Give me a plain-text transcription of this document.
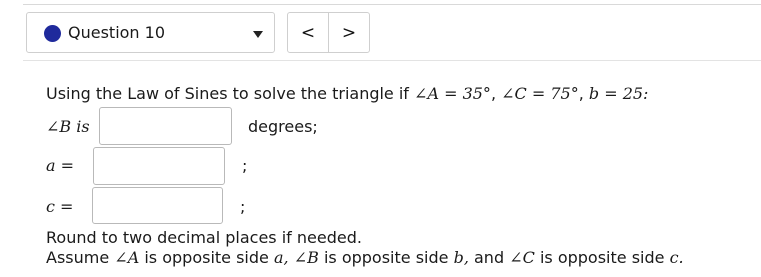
Question 10	<	>
Using the Law of Sines to solve the triangle if ∠A = 35°, ∠C = 75°, b = 25:
∠B is	degrees;
a =	;
c =	;
Round to two decimal places if needed.
Assume ∠A is opposite side a, ∠B is opposite side b, and ∠C is opposite side c.
